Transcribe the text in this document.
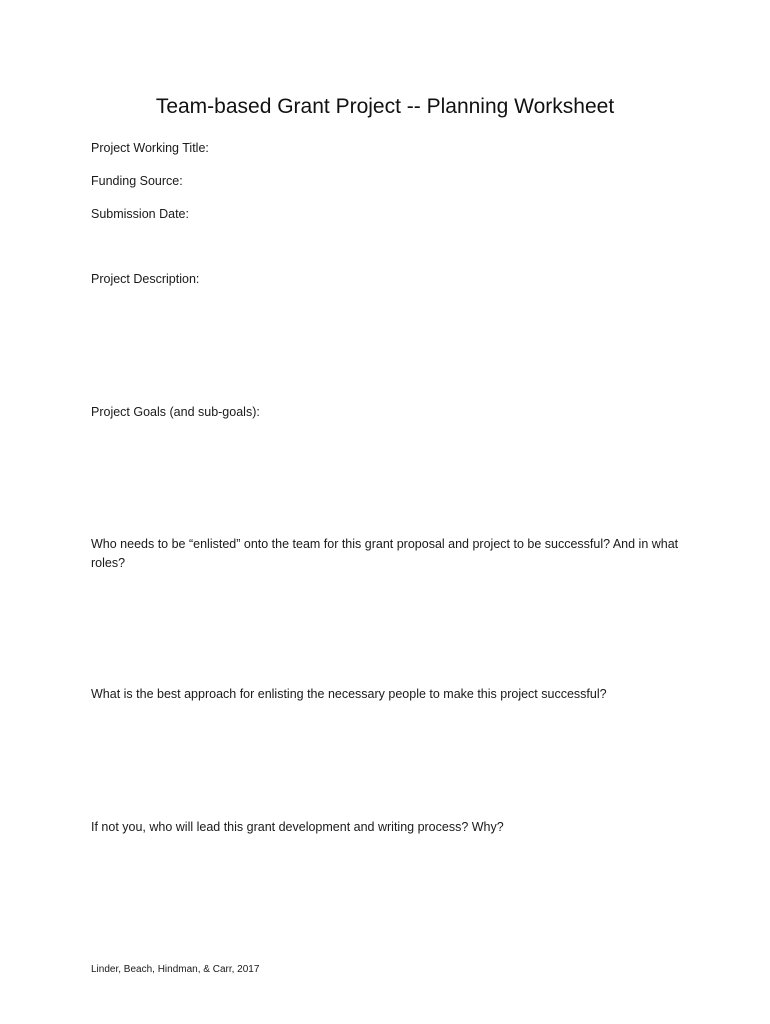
Team-based Grant Project -- Planning Worksheet
Project Working Title:
Funding Source:
Submission Date:
Project Description:
Project Goals (and sub-goals):
Who needs to be “enlisted” onto the team for this grant proposal and project to be successful? And in what roles?
What is the best approach for enlisting the necessary people to make this project successful?
If not you, who will lead this grant development and writing process? Why?
Linder, Beach, Hindman, & Carr, 2017
